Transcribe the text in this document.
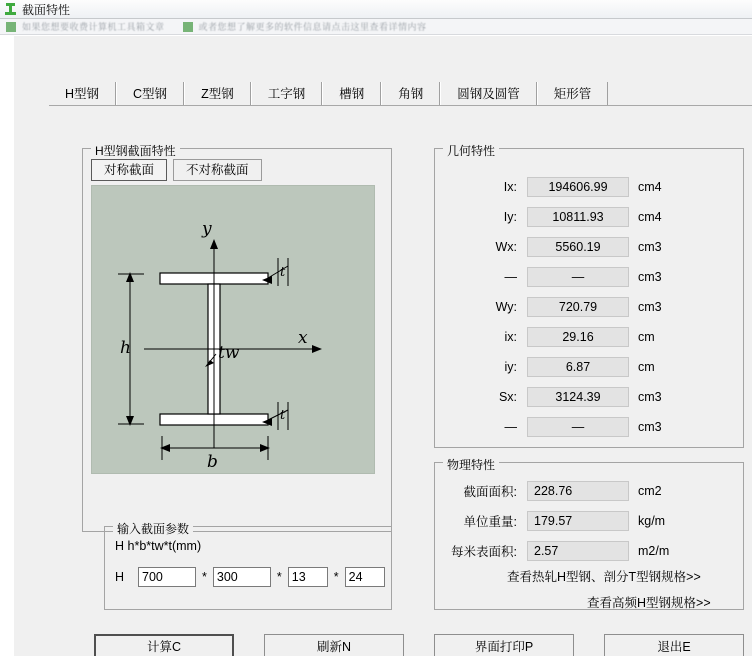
截面特性
如果您想要收费计算机工具箱文章	或者您想了解更多的软件信息请点击这里查看详情内容
H型钢	C型钢	Z型钢	工字钢	槽钢	角钢	圆钢及圆管	矩形管
H型钢截面特性
对称截面	不对称截面
y
x
tw
h
b
t
t
输入截面参数
H h*b*tw*t(mm)
H
700	*
300	*
13	*
24
几何特性
Ix:	194606.99	cm4
Iy:	10811.93	cm4
Wx:	5560.19	cm3
—	—	cm3
Wy:	720.79	cm3
ix:	29.16	cm
iy:	6.87	cm
Sx:	3124.39	cm3
—	—	cm3
物理特性
截面面积:	228.76	cm2
单位重量:	179.57	kg/m
每米表面积:	2.57	m2/m
查看热轧H型钢、剖分T型钢规格>>
查看高频H型钢规格>>
计算C	刷新N	界面打印P	退出E
